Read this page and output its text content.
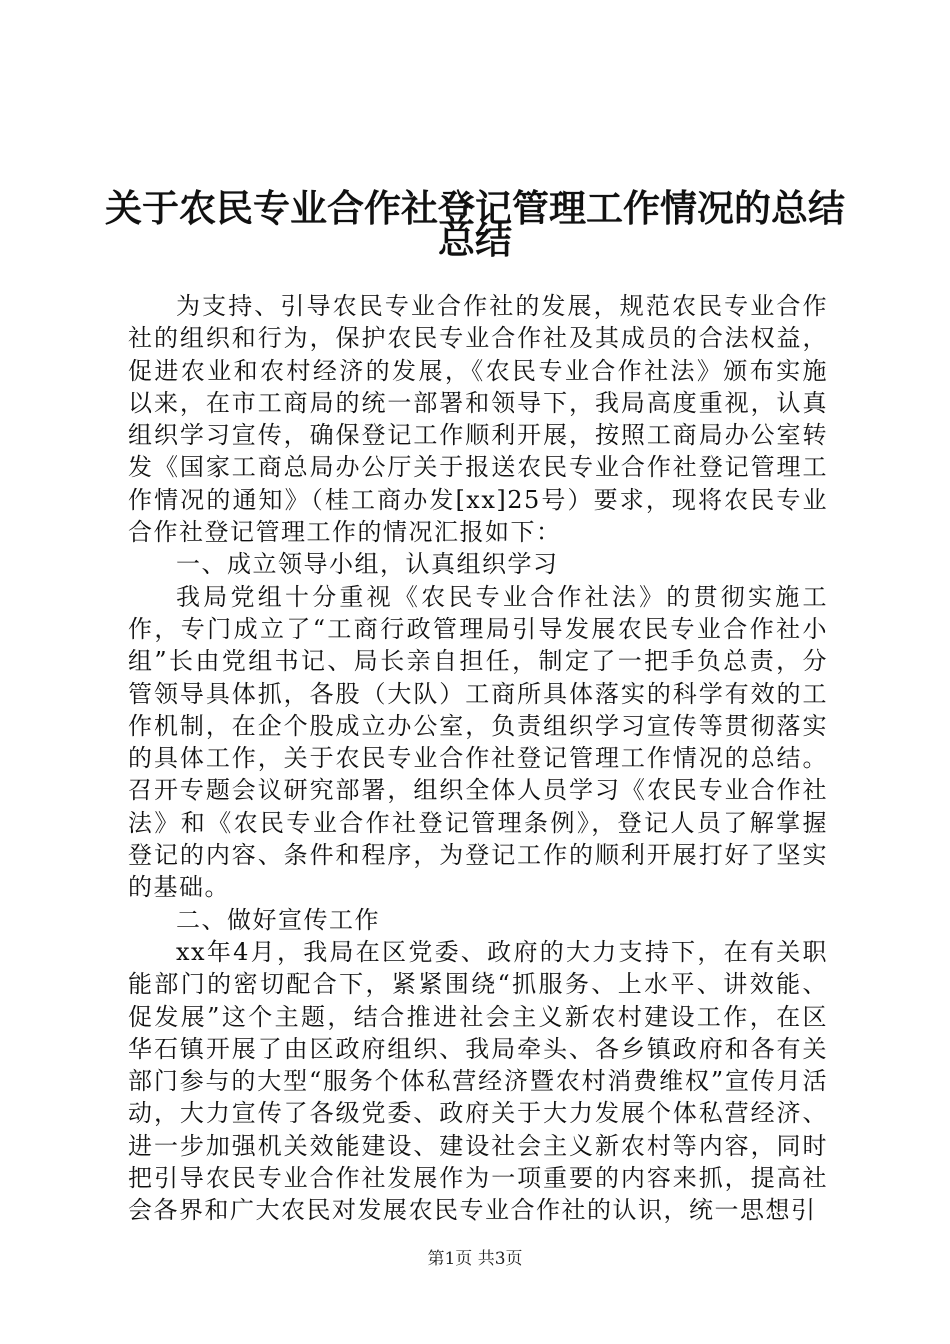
关于农民专业合作社登记管理工作情况的总结
总结

为支持、引导农民专业合作社的发展，规范农民专业合作社的组织和行为，保护农民专业合作社及其成员的合法权益，促进农业和农村经济的发展，《农民专业合作社法》颁布实施以来，在市工商局的统一部署和领导下，我局高度重视，认真组织学习宣传，确保登记工作顺利开展，按照工商局办公室转发《国家工商总局办公厅关于报送农民专业合作社登记管理工作情况的通知》（桂工商办发[xx]25号）要求，现将农民专业合作社登记管理工作的情况汇报如下：

一、成立领导小组，认真组织学习

我局党组十分重视《农民专业合作社法》的贯彻实施工作，专门成立了“工商行政管理局引导发展农民专业合作社小组”长由党组书记、局长亲自担任，制定了一把手负总责，分管领导具体抓，各股（大队）工商所具体落实的科学有效的工作机制，在企个股成立办公室，负责组织学习宣传等贯彻落实的具体工作，关于农民专业合作社登记管理工作情况的总结。召开专题会议研究部署，组织全体人员学习《农民专业合作社法》和《农民专业合作社登记管理条例》，登记人员了解掌握登记的内容、条件和程序，为登记工作的顺利开展打好了坚实的基础。

二、做好宣传工作

xx年4月，我局在区党委、政府的大力支持下，在有关职能部门的密切配合下，紧紧围绕“抓服务、上水平、讲效能、促发展”这个主题，结合推进社会主义新农村建设工作，在区华石镇开展了由区政府组织、我局牵头、各乡镇政府和各有关部门参与的大型“服务个体私营经济暨农村消费维权”宣传月活动，大力宣传了各级党委、政府关于大力发展个体私营经济、进一步加强机关效能建设、建设社会主义新农村等内容，同时把引导农民专业合作社发展作为一项重要的内容来抓，提高社会各界和广大农民对发展农民专业合作社的认识，统一思想引

第1页 共3页
